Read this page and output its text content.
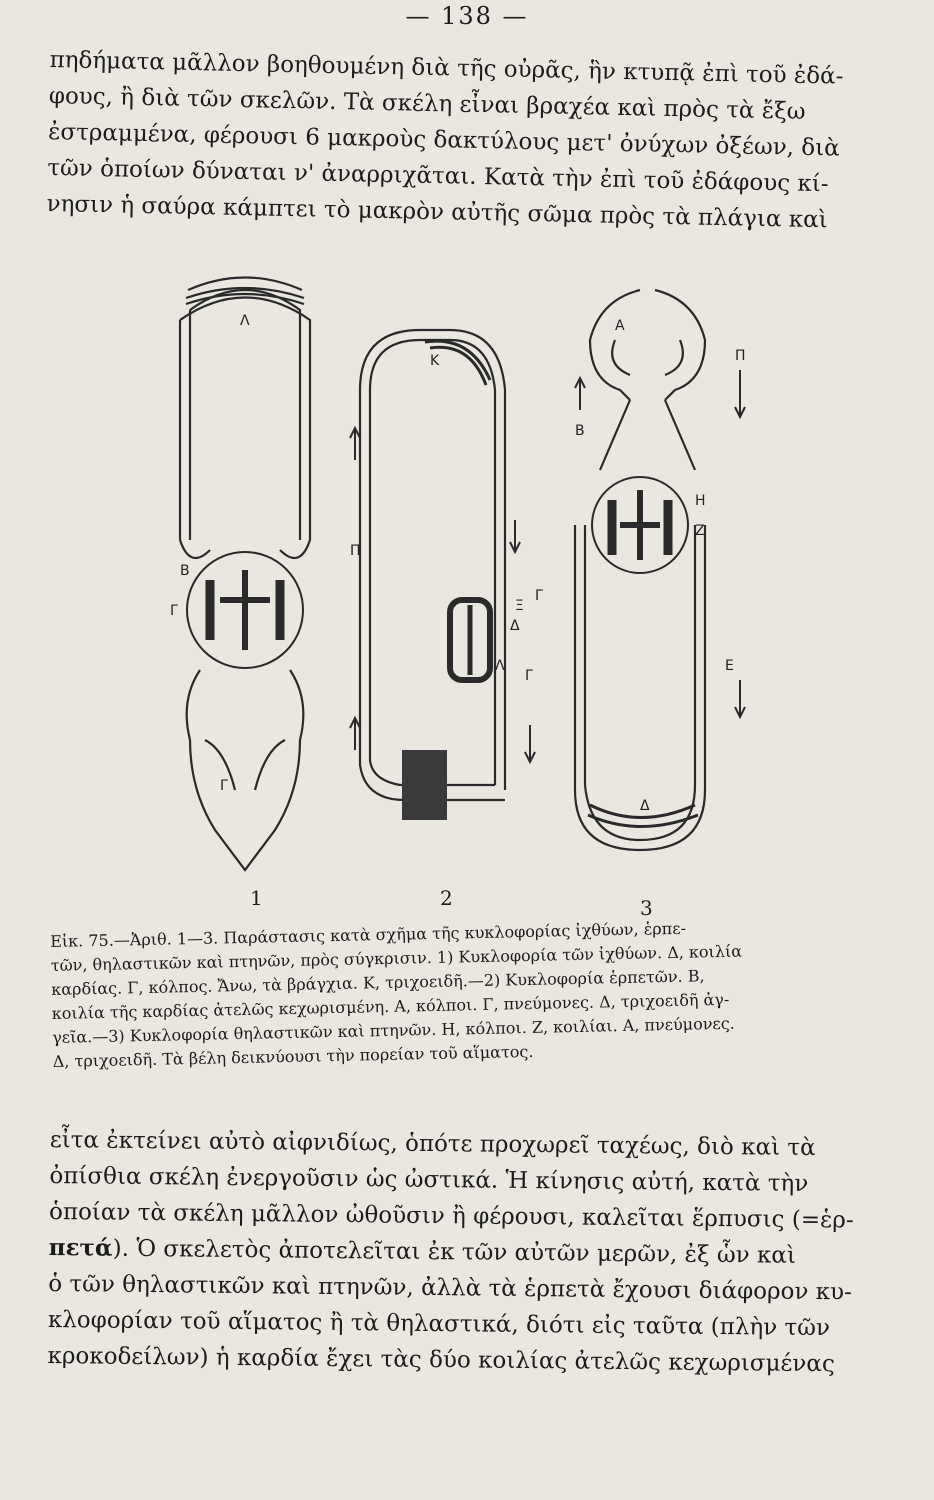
— 138 —
πηδήματα μᾶλλον βοηθουμένη διὰ τῆς οὐρᾶς, ἣν κτυπᾷ ἐπὶ τοῦ ἐδά-
φους, ἢ διὰ τῶν σκελῶν. Τὰ σκέλη εἶναι βραχέα καὶ πρὸς τὰ ἔξω
ἐστραμμένα, φέρουσι 6 μακροὺς δακτύλους μετ' ὀνύχων ὀξέων, διὰ
τῶν ὁποίων δύναται ν' ἀναρριχᾶται. Κατὰ τὴν ἐπὶ τοῦ ἐδάφους κί-
νησιν ἡ σαύρα κάμπτει τὸ μακρὸν αὐτῆς σῶμα πρὸς τὰ πλάγια καὶ
Λ
Β
Γ
Γ
Κ
Π
Ξ
Δ
Γ
Λ
Γ
Α
Π
Β
Η
Ζ
Ε
Δ
1	2	3
Εἰκ. 75.—Ἀριθ. 1—3. Παράστασις κατὰ σχῆμα τῆς κυκλοφορίας ἰχθύων, ἑρπε-
τῶν, θηλαστικῶν καὶ πτηνῶν, πρὸς σύγκρισιν. 1) Κυκλοφορία τῶν ἰχθύων. Δ, κοιλία
καρδίας. Γ, κόλπος. Ἄνω, τὰ βράγχια. Κ, τριχοειδῆ.—2) Κυκλοφορία ἑρπετῶν. Β,
κοιλία τῆς καρδίας ἀτελῶς κεχωρισμένη. Α, κόλποι. Γ, πνεύμονες. Δ, τριχοειδῆ ἀγ-
γεῖα.—3) Κυκλοφορία θηλαστικῶν καὶ πτηνῶν. Η, κόλποι. Ζ, κοιλίαι. Α, πνεύμονες.
Δ, τριχοειδῆ. Τὰ βέλη δεικνύουσι τὴν πορείαν τοῦ αἵματος.
εἶτα ἐκτείνει αὐτὸ αἰφνιδίως, ὁπότε προχωρεῖ ταχέως, διὸ καὶ τὰ
ὀπίσθια σκέλη ἐνεργοῦσιν ὡς ὠστικά. Ἡ κίνησις αὐτή, κατὰ τὴν
ὁποίαν τὰ σκέλη μᾶλλον ὠθοῦσιν ἢ φέρουσι, καλεῖται ἕρπυσις (=ἑρ-
πετά). Ὁ σκελετὸς ἀποτελεῖται ἐκ τῶν αὐτῶν μερῶν, ἐξ ὧν καὶ
ὁ τῶν θηλαστικῶν καὶ πτηνῶν, ἀλλὰ τὰ ἑρπετὰ ἔχουσι διάφορον κυ-
κλοφορίαν τοῦ αἵματος ἢ τὰ θηλαστικά, διότι εἰς ταῦτα (πλὴν τῶν
κροκοδείλων) ἡ καρδία ἔχει τὰς δύο κοιλίας ἀτελῶς κεχωρισμένας
